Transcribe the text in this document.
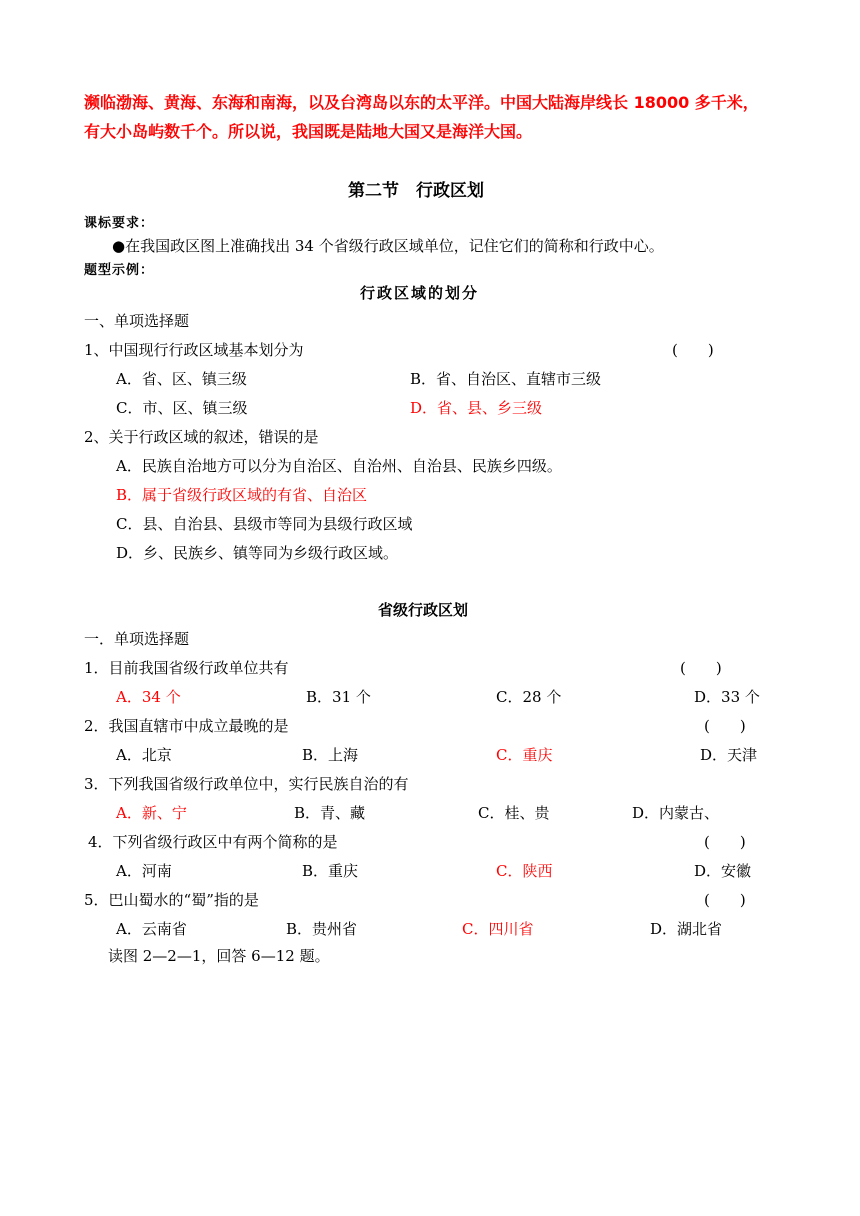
濒临渤海、黄海、东海和南海，以及台湾岛以东的太平洋。中国大陆海岸线长 18000 多千米，
有大小岛屿数千个。所以说，我国既是陆地大国又是海洋大国。
第二节　行政区划
课标要求：
●在我国政区图上准确找出 34 个省级行政区域单位，记住它们的简称和行政中心。
题型示例：
行政区域的划分
一、单项选择题
1、中国现行行政区域基本划分为	(　　)
A．省、区、镇三级	B．省、自治区、直辖市三级
C．市、区、镇三级	D．省、县、乡三级
2、关于行政区域的叙述，错误的是
A．民族自治地方可以分为自治区、自治州、自治县、民族乡四级。
B．属于省级行政区域的有省、自治区
C．县、自治县、县级市等同为县级行政区域
D．乡、民族乡、镇等同为乡级行政区域。
省级行政区划
一．单项选择题
1．目前我国省级行政单位共有	(　　)
A．34 个	B．31 个	C．28 个	D．33 个
2．我国直辖市中成立最晚的是	(　　)
A．北京	B．上海	C．重庆	D．天津
3．下列我国省级行政单位中，实行民族自治的有
A．新、宁	B．青、藏	C．桂、贵	D．内蒙古、
4．下列省级行政区中有两个简称的是	(　　)
A．河南	B．重庆	C．陕西	D．安徽
5．巴山蜀水的“蜀”指的是	(　　)
A．云南省	B．贵州省	C．四川省	D．湖北省
读图 2—2—1，回答 6—12 题。
